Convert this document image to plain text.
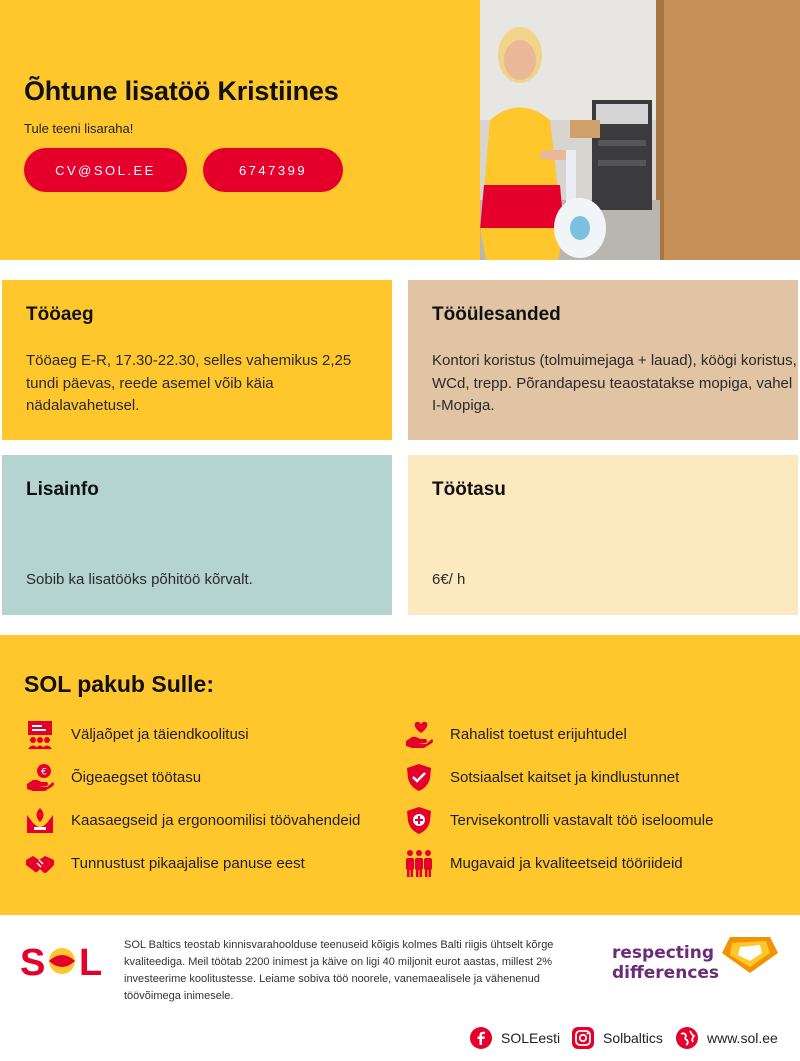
Õhtune lisatöö Kristiines
Tule teeni lisaraha!
CV@SOL.EE	6747399
Tööaeg

Tööaeg E-R, 17.30-22.30, selles vahemikus 2,25 tundi päevas, reede asemel võib käia nädalavahetusel.

Tööülesanded

Kontori koristus (tolmuimejaga + lauad), köögi koristus, WCd, trepp. Põrandapesu teaostatakse mopiga, vahel I-Mopiga.

Lisainfo

Sobib ka lisatööks põhitöö kõrvalt.

Töötasu

6€/ h

SOL pakub Sulle:
Väljaõpet ja täiendkoolitusi
€ Õigeaegset töötasu
Kaasaegseid ja ergonoomilisi töövahendeid
Tunnustust pikaajalise panuse eest
Rahalist toetust erijuhtudel
Sotsiaalset kaitset ja kindlustunnet
Tervisekontrolli vastavalt töö iseloomule
Mugavaid ja kvaliteetseid tööriideid
S L SOL Baltics teostab kinnisvarahoolduse teenuseid kõigis kolmes Balti riigis ühtselt kõrge kvaliteediga. Meil töötab 2200 inimest ja käive on ligi 40 miljonit eurot aastas, millest 2% investeerime koolitustesse. Leiame sobiva töö noorele, vanemaealisele ja vähenenud töövõimega inimesele.

respecting
differences
SOLEesti	Solbaltics	www.sol.ee
